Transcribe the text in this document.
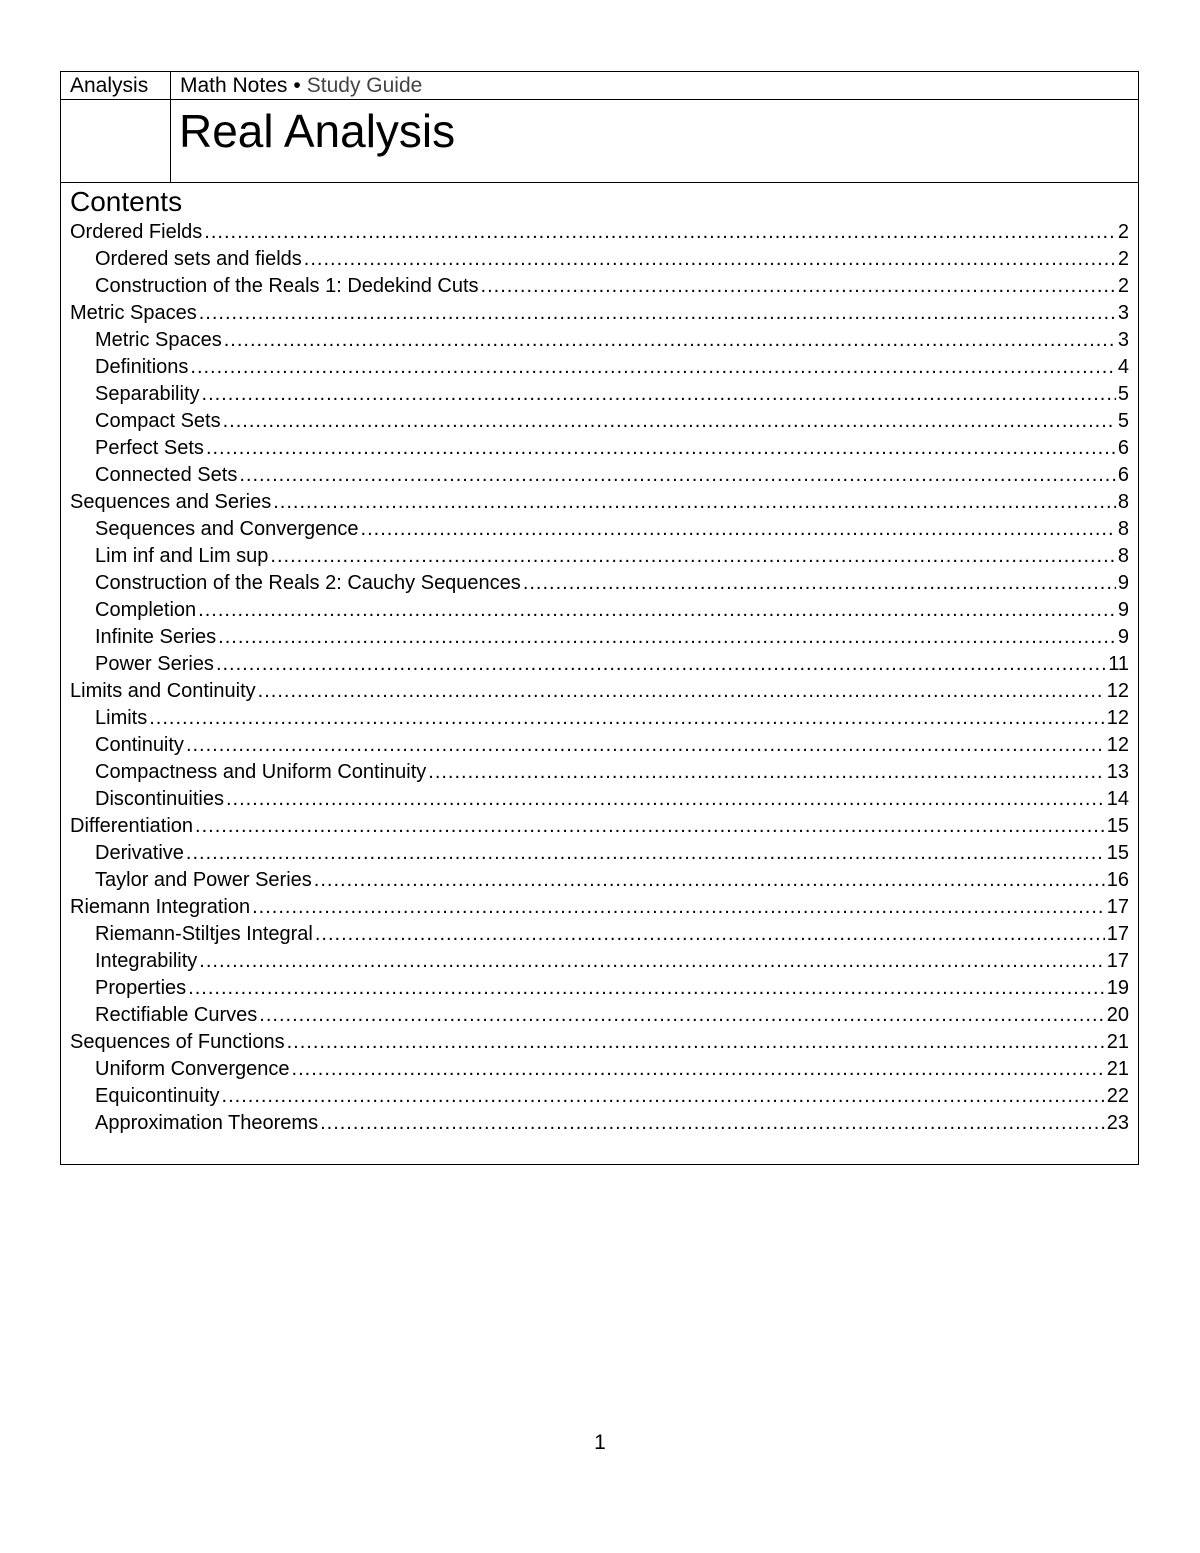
Analysis Math Notes • Study Guide
Real Analysis
Contents
Ordered Fields .....	2
Ordered sets and fields .....	2
Construction of the Reals 1: Dedekind Cuts .....	2
Metric Spaces .....	3
Metric Spaces .....	3
Definitions .....	4
Separability .....	5
Compact Sets .....	5
Perfect Sets .....	6
Connected Sets .....	6
Sequences and Series .....	8
Sequences and Convergence .....	8
Lim inf and Lim sup .....	8
Construction of the Reals 2: Cauchy Sequences .....	9
Completion .....	9
Infinite Series .....	9
Power Series .....	11
Limits and Continuity .....	12
Limits .....	12
Continuity .....	12
Compactness and Uniform Continuity .....	13
Discontinuities .....	14
Differentiation .....	15
Derivative .....	15
Taylor and Power Series .....	16
Riemann Integration .....	17
Riemann-Stiltjes Integral .....	17
Integrability .....	17
Properties .....	19
Rectifiable Curves .....	20
Sequences of Functions .....	21
Uniform Convergence .....	21
Equicontinuity .....	22
Approximation Theorems .....	23
1
